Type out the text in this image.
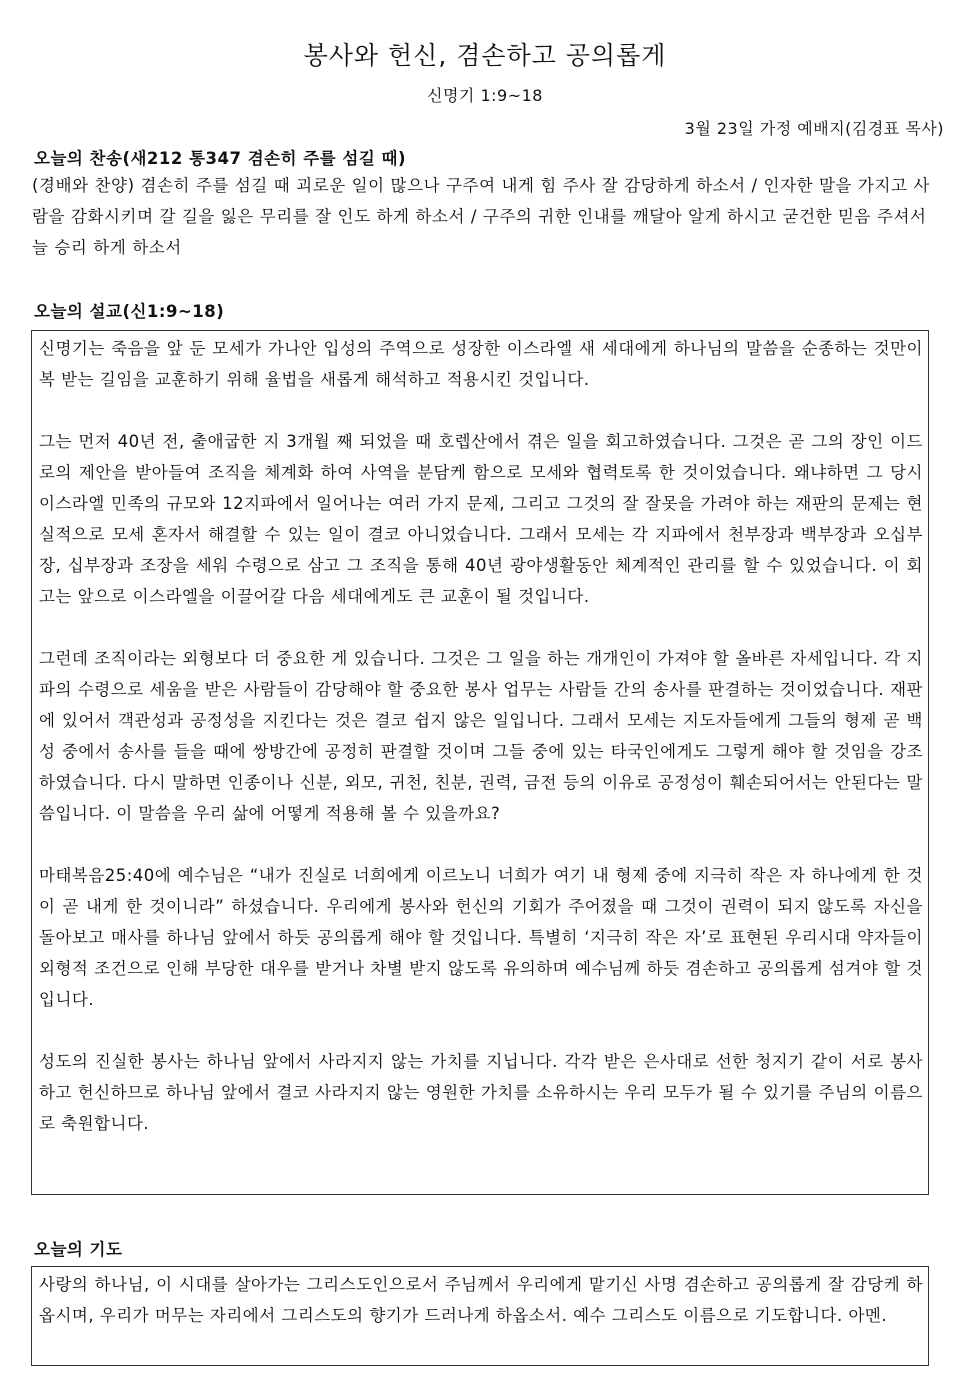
봉사와 헌신, 겸손하고 공의롭게
신명기 1:9~18
3월 23일 가정 예배지(김경표 목사)
오늘의 찬송(새212 통347 겸손히 주를 섬길 때)

(경배와 찬양) 겸손히 주를 섬길 때 괴로운 일이 많으나 구주여 내게 힘 주사 잘 감당하게 하소서 / 인자한 말을 가지고 사람을 감화시키며 갈 길을 잃은 무리를 잘 인도 하게 하소서 / 구주의 귀한 인내를 깨달아 알게 하시고 굳건한 믿음 주셔서 늘 승리 하게 하소서

오늘의 설교(신1:9~18)

신명기는 죽음을 앞 둔 모세가 가나안 입성의 주역으로 성장한 이스라엘 새 세대에게 하나님의 말씀을 순종하는 것만이 복 받는 길임을 교훈하기 위해 율법을 새롭게 해석하고 적용시킨 것입니다.

그는 먼저 40년 전, 출애굽한 지 3개월 째 되었을 때 호렙산에서 겪은 일을 회고하였습니다. 그것은 곧 그의 장인 이드로의 제안을 받아들여 조직을 체계화 하여 사역을 분담케 함으로 모세와 협력토록 한 것이었습니다. 왜냐하면 그 당시 이스라엘 민족의 규모와 12지파에서 일어나는 여러 가지 문제, 그리고 그것의 잘 잘못을 가려야 하는 재판의 문제는 현실적으로 모세 혼자서 해결할 수 있는 일이 결코 아니었습니다. 그래서 모세는 각 지파에서 천부장과 백부장과 오십부장, 십부장과 조장을 세워 수령으로 삼고 그 조직을 통해 40년 광야생활동안 체계적인 관리를 할 수 있었습니다. 이 회고는 앞으로 이스라엘을 이끌어갈 다음 세대에게도 큰 교훈이 될 것입니다.

그런데 조직이라는 외형보다 더 중요한 게 있습니다. 그것은 그 일을 하는 개개인이 가져야 할 올바른 자세입니다. 각 지파의 수령으로 세움을 받은 사람들이 감당해야 할 중요한 봉사 업무는 사람들 간의 송사를 판결하는 것이었습니다. 재판에 있어서 객관성과 공정성을 지킨다는 것은 결코 쉽지 않은 일입니다. 그래서 모세는 지도자들에게 그들의 형제 곧 백성 중에서 송사를 들을 때에 쌍방간에 공정히 판결할 것이며 그들 중에 있는 타국인에게도 그렇게 해야 할 것임을 강조하였습니다. 다시 말하면 인종이나 신분, 외모, 귀천, 친분, 권력, 금전 등의 이유로 공정성이 훼손되어서는 안된다는 말씀입니다. 이 말씀을 우리 삶에 어떻게 적용해 볼 수 있을까요?

마태복음25:40에 예수님은 “내가 진실로 너희에게 이르노니 너희가 여기 내 형제 중에 지극히 작은 자 하나에게 한 것이 곧 내게 한 것이니라” 하셨습니다. 우리에게 봉사와 헌신의 기회가 주어졌을 때 그것이 권력이 되지 않도록 자신을 돌아보고 매사를 하나님 앞에서 하듯 공의롭게 해야 할 것입니다. 특별히 ‘지극히 작은 자’로 표현된 우리시대 약자들이 외형적 조건으로 인해 부당한 대우를 받거나 차별 받지 않도록 유의하며 예수님께 하듯 겸손하고 공의롭게 섬겨야 할 것입니다.

성도의 진실한 봉사는 하나님 앞에서 사라지지 않는 가치를 지닙니다. 각각 받은 은사대로 선한 청지기 같이 서로 봉사하고 헌신하므로 하나님 앞에서 결코 사라지지 않는 영원한 가치를 소유하시는 우리 모두가 될 수 있기를 주님의 이름으로 축원합니다.

오늘의 기도

사랑의 하나님, 이 시대를 살아가는 그리스도인으로서 주님께서 우리에게 맡기신 사명 겸손하고 공의롭게 잘 감당케 하옵시며, 우리가 머무는 자리에서 그리스도의 향기가 드러나게 하옵소서. 예수 그리스도 이름으로 기도합니다. 아멘.
